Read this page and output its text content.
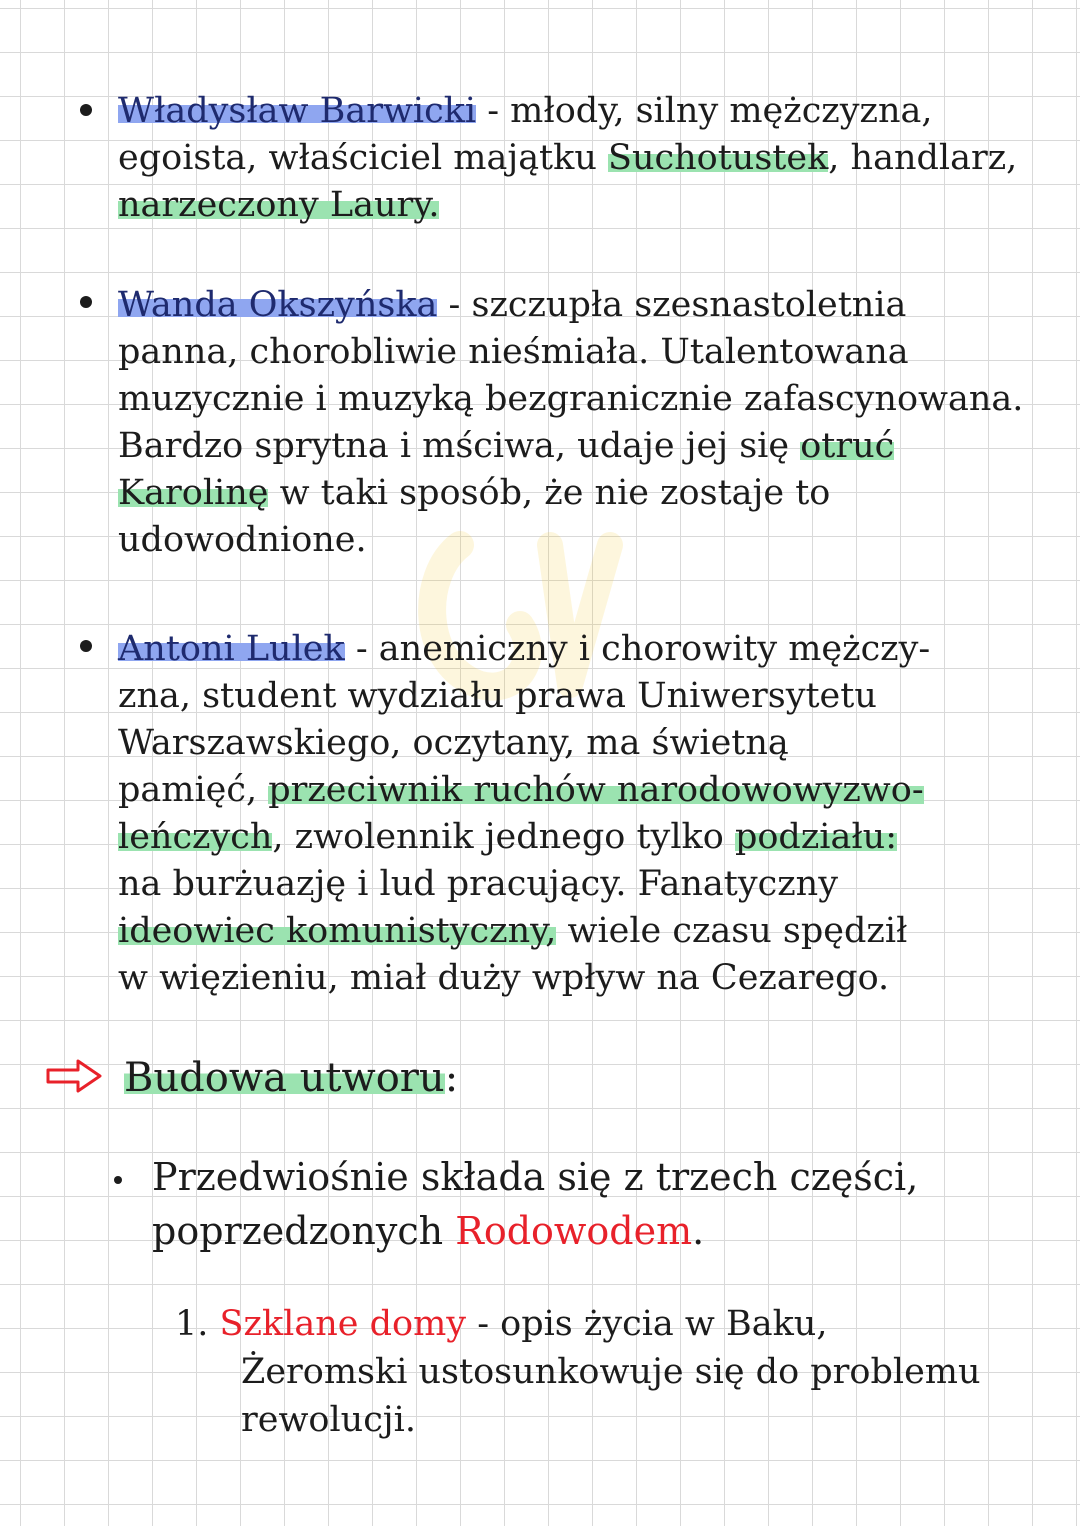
Władysław Barwicki - młody, silny mężczyzna,
egoista, właściciel majątku Suchotustek, handlarz,
narzeczony Laury.
Wanda Okszyńska - szczupła szesnastoletnia
panna, chorobliwie nieśmiała. Utalentowana
muzycznie i muzyką bezgranicznie zafascynowana.
Bardzo sprytna i mściwa, udaje jej się otruć
Karolinę w taki sposób, że nie zostaje to
udowodnione.
Antoni Lulek - anemiczny i chorowity mężczy-
zna, student wydziału prawa Uniwersytetu
Warszawskiego, oczytany, ma świetną
pamięć, przeciwnik ruchów narodowowyzwo-
leńczych, zwolennik jednego tylko podziału:
na burżuazję i lud pracujący. Fanatyczny
ideowiec komunistyczny, wiele czasu spędził
w więzieniu, miał duży wpływ na Cezarego.
Budowa utworu:
Przedwiośnie składa się z trzech części,
poprzedzonych Rodowodem.
1. Szklane domy - opis życia w Baku,
Żeromski ustosunkowuje się do problemu
rewolucji.
